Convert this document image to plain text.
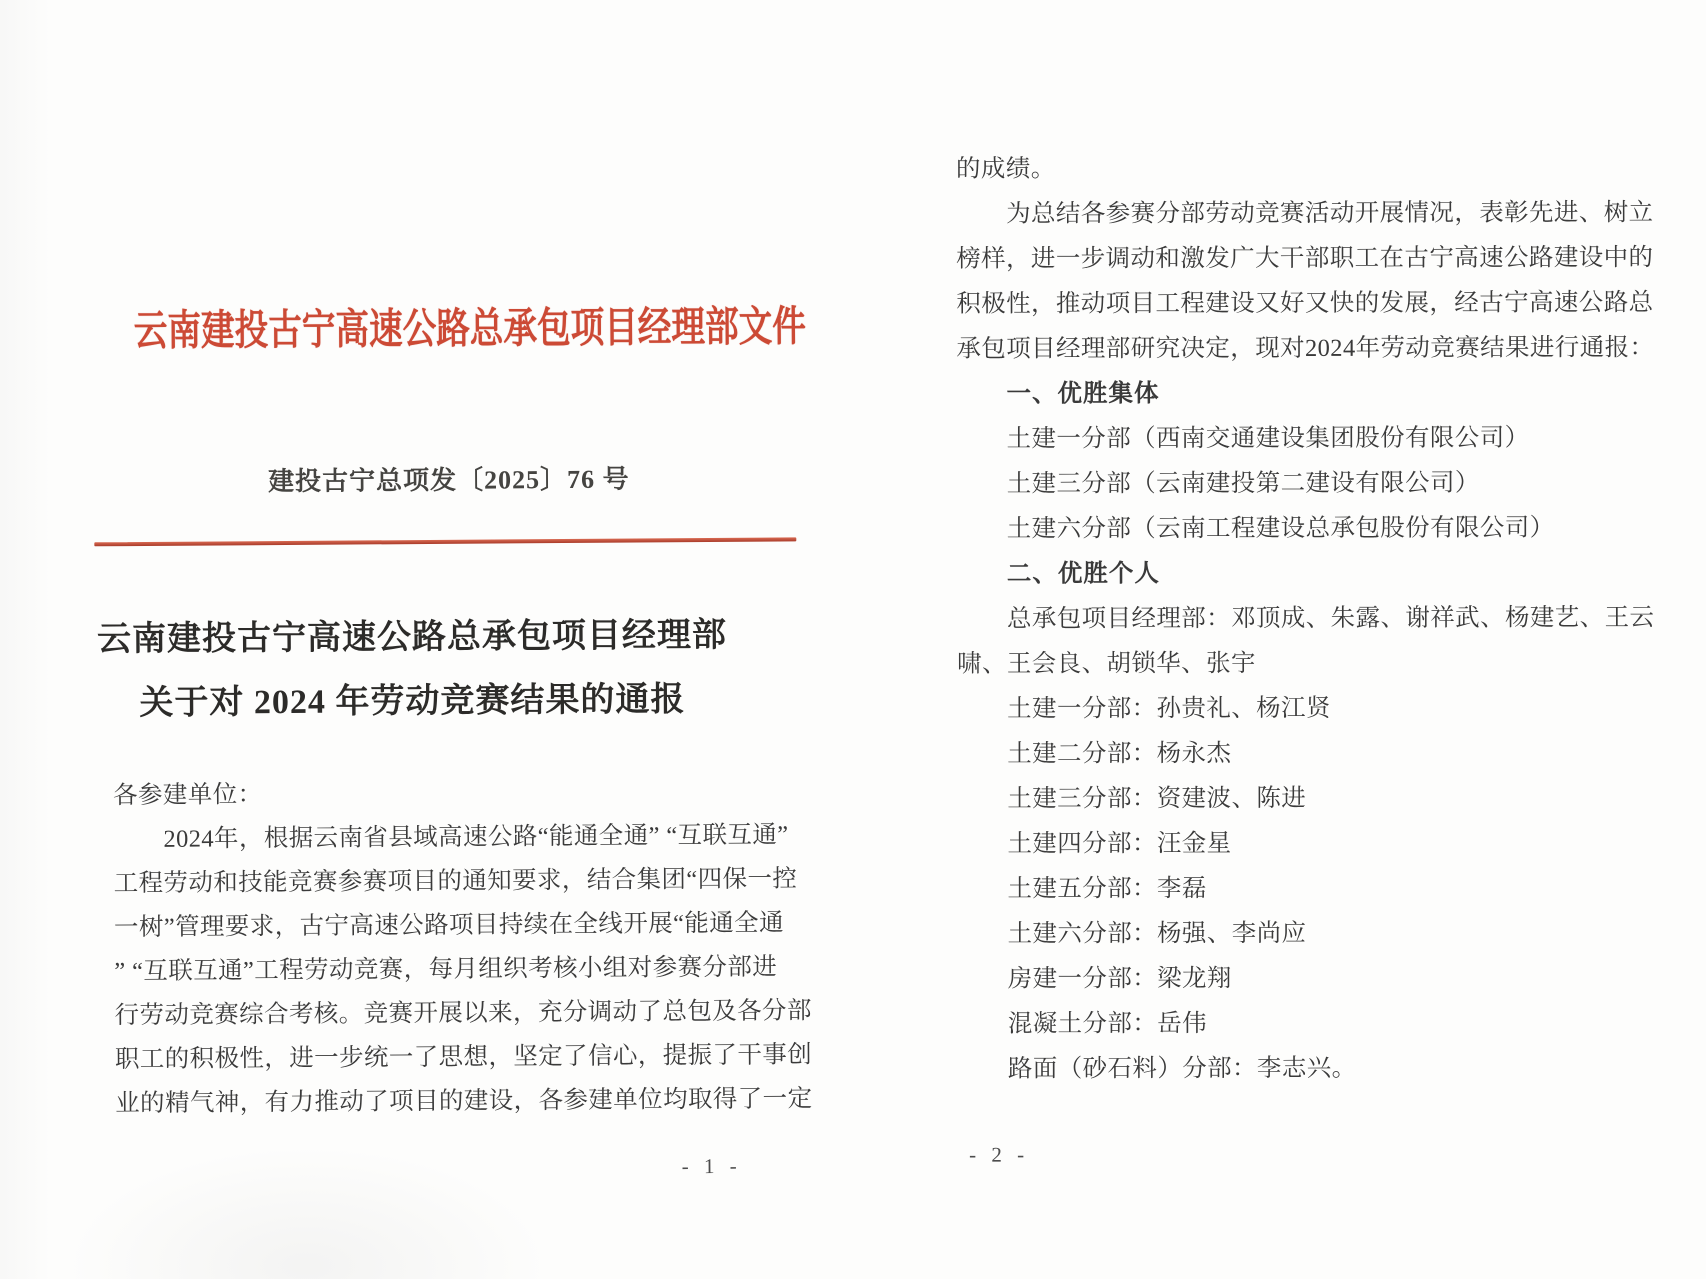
云南建投古宁高速公路总承包项目经理部文件
建投古宁总项发〔2025〕76 号
云南建投古宁高速公路总承包项目经理部
关于对 2024 年劳动竞赛结果的通报
各参建单位：
2024年，根据云南省县域高速公路“能通全通” “互联互通”
工程劳动和技能竞赛参赛项目的通知要求，结合集团“四保一控
一树”管理要求，古宁高速公路项目持续在全线开展“能通全通
” “互联互通”工程劳动竞赛，每月组织考核小组对参赛分部进
行劳动竞赛综合考核。竞赛开展以来，充分调动了总包及各分部
职工的积极性，进一步统一了思想，坚定了信心，提振了干事创
业的精气神，有力推动了项目的建设，各参建单位均取得了一定
- 1 -
的成绩。
为总结各参赛分部劳动竞赛活动开展情况，表彰先进、树立
榜样，进一步调动和激发广大干部职工在古宁高速公路建设中的
积极性，推动项目工程建设又好又快的发展，经古宁高速公路总
承包项目经理部研究决定，现对2024年劳动竞赛结果进行通报：
一、优胜集体
土建一分部（西南交通建设集团股份有限公司）
土建三分部（云南建投第二建设有限公司）
土建六分部（云南工程建设总承包股份有限公司）
二、优胜个人
总承包项目经理部：邓顶成、朱露、谢祥武、杨建艺、王云
啸、王会良、胡锁华、张宇
土建一分部：孙贵礼、杨江贤
土建二分部：杨永杰
土建三分部：资建波、陈进
土建四分部：汪金星
土建五分部：李磊
土建六分部：杨强、李尚应
房建一分部：梁龙翔
混凝土分部：岳伟
路面（砂石料）分部：李志兴。
- 2 -
